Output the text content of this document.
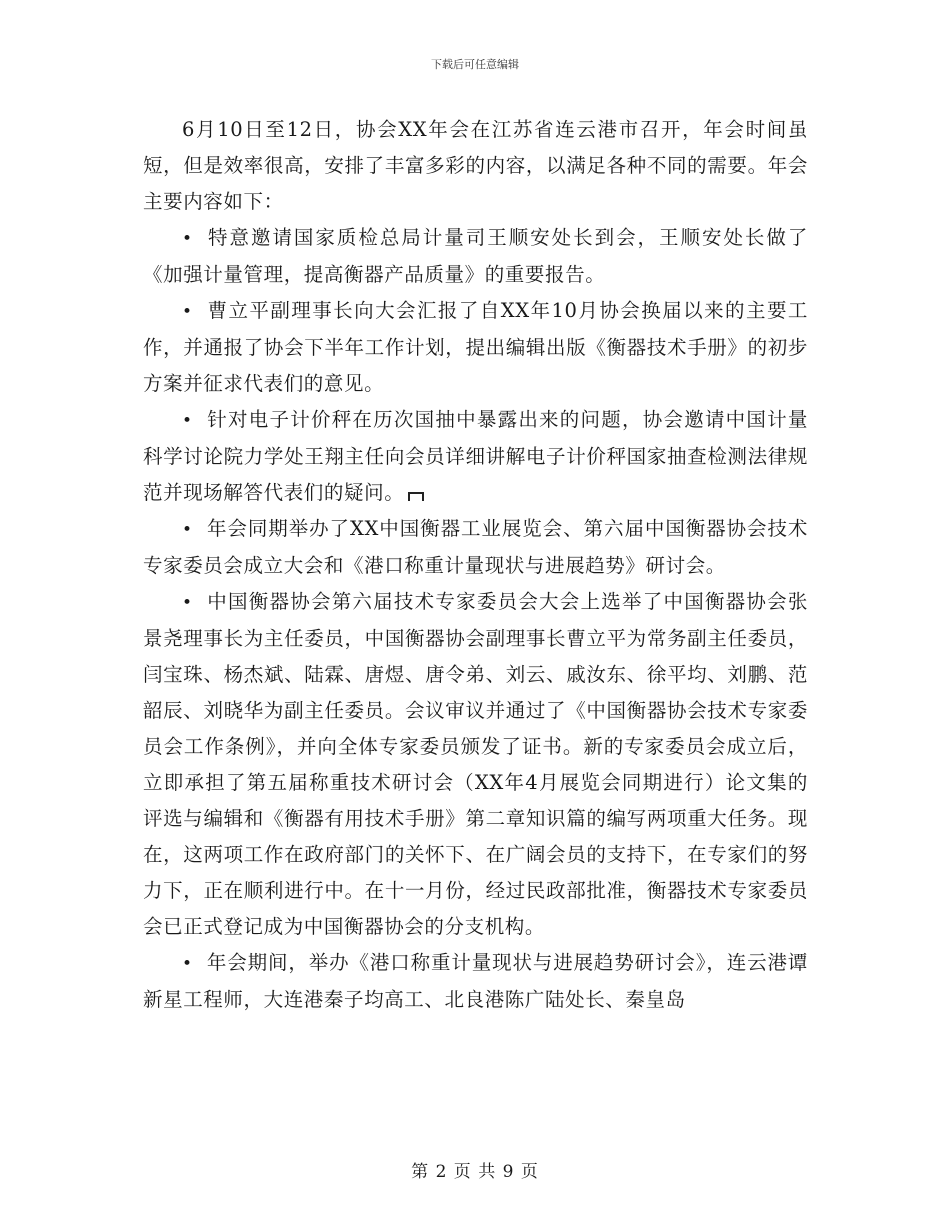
下载后可任意编辑

6月10日至12日，协会XX年会在江苏省连云港市召开，年会时间虽短，但是效率很高，安排了丰富多彩的内容，以满足各种不同的需要。年会主要内容如下：

• 特意邀请国家质检总局计量司王顺安处长到会，王顺安处长做了《加强计量管理，提高衡器产品质量》的重要报告。

• 曹立平副理事长向大会汇报了自XX年10月协会换届以来的主要工作，并通报了协会下半年工作计划，提出编辑出版《衡器技术手册》的初步方案并征求代表们的意见。

• 针对电子计价秤在历次国抽中暴露出来的问题，协会邀请中国计量科学讨论院力学处王翔主任向会员详细讲解电子计价秤国家抽查检测法律规范并现场解答代表们的疑问。

• 年会同期举办了XX中国衡器工业展览会、第六届中国衡器协会技术专家委员会成立大会和《港口称重计量现状与进展趋势》研讨会。

• 中国衡器协会第六届技术专家委员会大会上选举了中国衡器协会张景尧理事长为主任委员，中国衡器协会副理事长曹立平为常务副主任委员，闫宝珠、杨杰斌、陆霖、唐煜、唐令弟、刘云、戚汝东、徐平均、刘鹏、范韶辰、刘晓华为副主任委员。会议审议并通过了《中国衡器协会技术专家委员会工作条例》，并向全体专家委员颁发了证书。新的专家委员会成立后，立即承担了第五届称重技术研讨会（XX年4月展览会同期进行）论文集的评选与编辑和《衡器有用技术手册》第二章知识篇的编写两项重大任务。现在，这两项工作在政府部门的关怀下、在广阔会员的支持下，在专家们的努力下，正在顺利进行中。在十一月份，经过民政部批准，衡器技术专家委员会已正式登记成为中国衡器协会的分支机构。

• 年会期间，举办《港口称重计量现状与进展趋势研讨会》，连云港谭新星工程师，大连港秦子均高工、北良港陈广陆处长、秦皇岛

第 2 页 共 9 页
